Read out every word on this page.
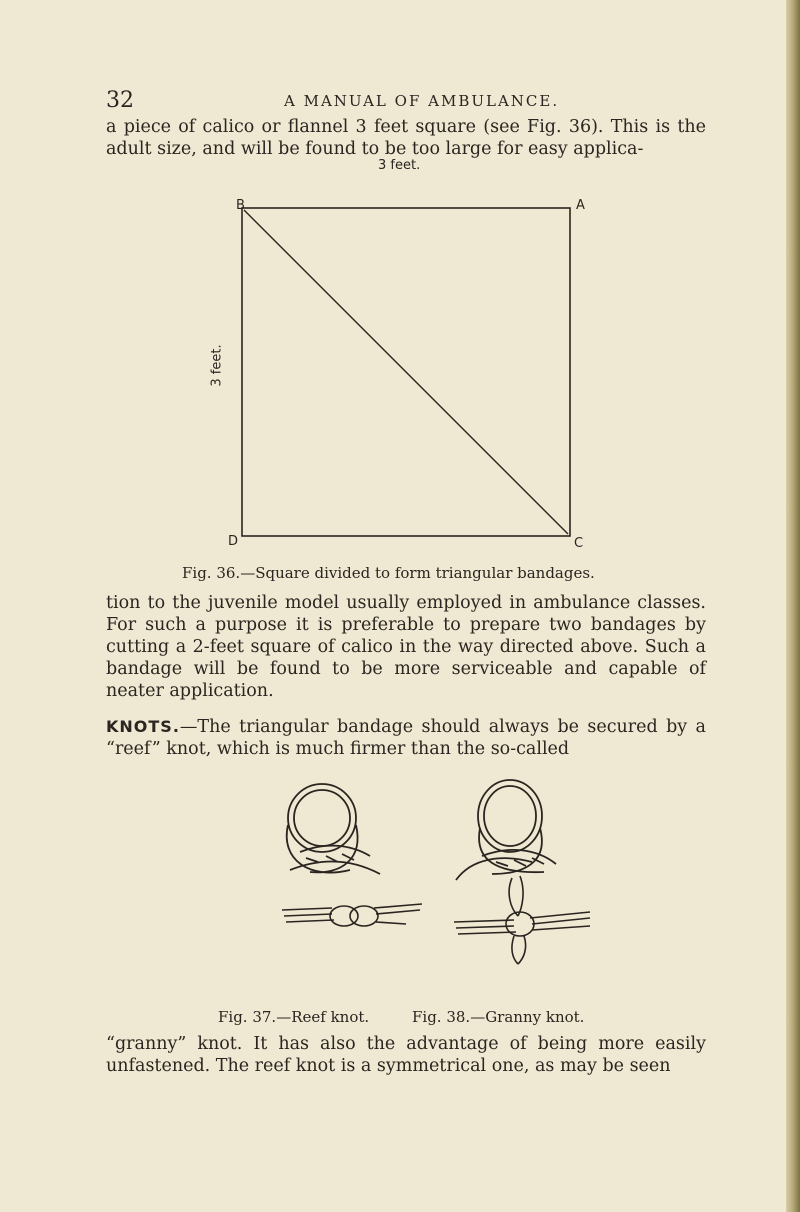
32	A MANUAL OF AMBULANCE.

a piece of calico or flannel 3 feet square (see Fig. 36). This is the adult size, and will be found to be too large for easy applica-

3 feet.
B	A
D	C
3 feet.
Fig. 36.—Square divided to form triangular bandages.

tion to the juvenile model usually employed in ambulance classes. For such a purpose it is preferable to prepare two bandages by cutting a 2-feet square of calico in the way directed above. Such a bandage will be found to be more serviceable and capable of neater application.

KNOTS.—The triangular bandage should always be secured by a “reef” knot, which is much firmer than the so-called

Fig. 37.—Reef knot.	Fig. 38.—Granny knot.

“granny” knot. It has also the advantage of being more easily unfastened. The reef knot is a symmetrical one, as may be seen
